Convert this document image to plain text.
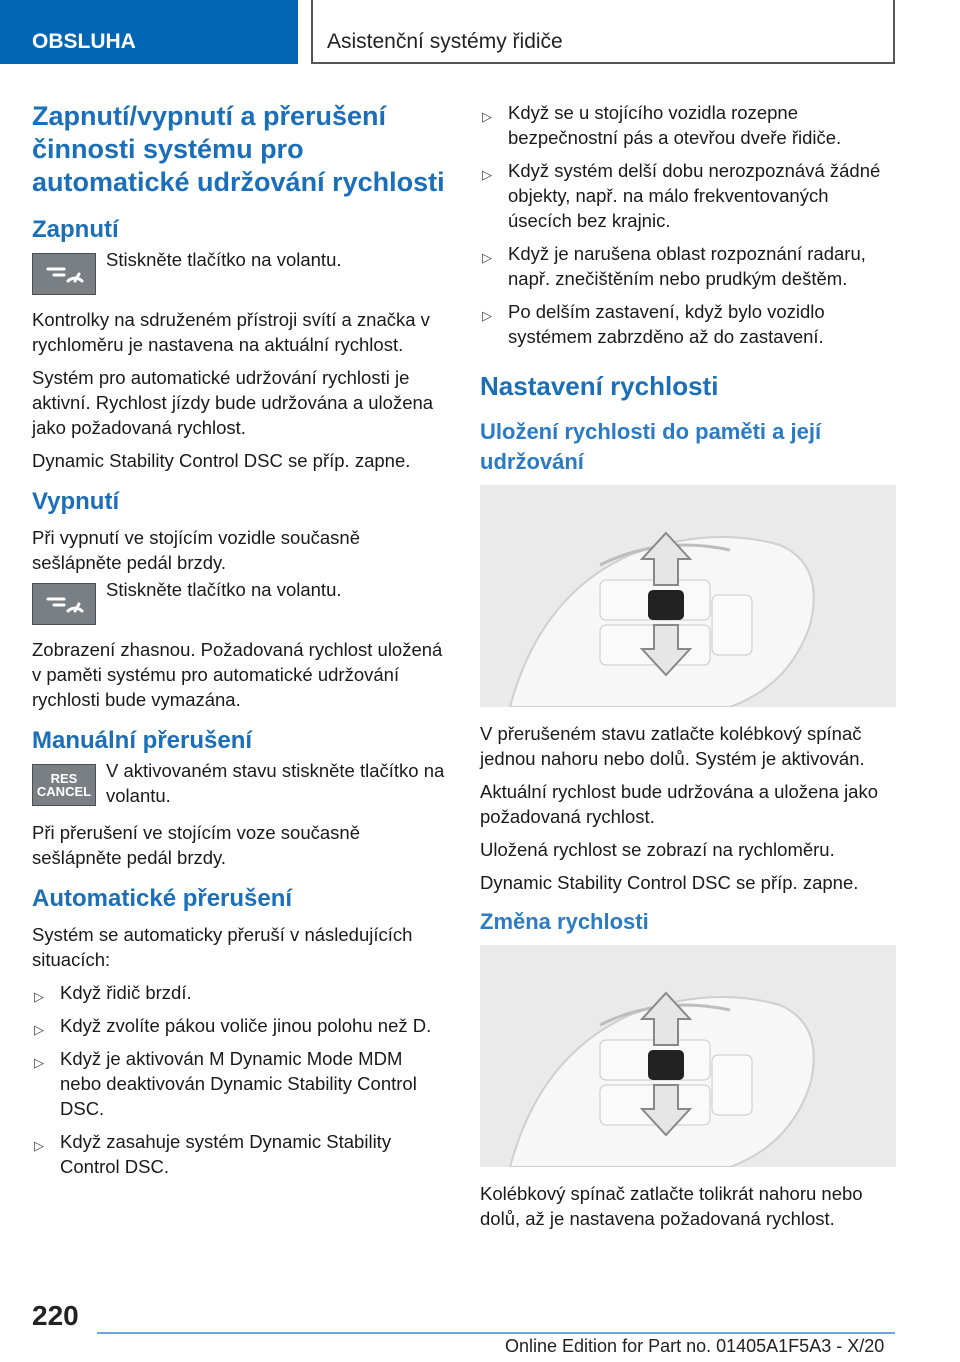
OBSLUHA	Asistenční systémy řidiče
Zapnutí/vypnutí a přerušení činnosti systému pro automatické udržování rychlosti
Zapnutí
Stiskněte tlačítko na volantu.

Kontrolky na sdruženém přístroji svítí a značka v rychloměru je nastavena na aktuální rychlost.

Systém pro automatické udržování rychlosti je aktivní. Rychlost jízdy bude udržována a uložena jako požadovaná rychlost.

Dynamic Stability Control DSC se příp. zapne.

Vypnutí

Při vypnutí ve stojícím vozidle současně sešlápněte pedál brzdy.

Stiskněte tlačítko na volantu.

Zobrazení zhasnou. Požadovaná rychlost uložená v paměti systému pro automatické udržování rychlosti bude vymazána.

Manuální přerušení
RES
CANCEL
V aktivovaném stavu stiskněte tlačítko na volantu.

Při přerušení ve stojícím voze současně sešlápněte pedál brzdy.

Automatické přerušení

Systém se automaticky přeruší v následujících situacích:

▷ Když řidič brzdí.
▷ Když zvolíte pákou voliče jinou polohu než D.
▷ Když je aktivován M Dynamic Mode MDM nebo deaktivován Dynamic Stability Control DSC.
▷ Když zasahuje systém Dynamic Stability Control DSC.
▷ Když se u stojícího vozidla rozepne bezpečnostní pás a otevřou dveře řidiče.
▷ Když systém delší dobu nerozpoznává žádné objekty, např. na málo frekventovaných úsecích bez krajnic.
▷ Když je narušena oblast rozpoznání radaru, např. znečištěním nebo prudkým deštěm.
▷ Po delším zastavení, když bylo vozidlo systémem zabrzděno až do zastavení.
Nastavení rychlosti
Uložení rychlosti do paměti a její udržování

V přerušeném stavu zatlačte kolébkový spínač jednou nahoru nebo dolů. Systém je aktivován.

Aktuální rychlost bude udržována a uložena jako požadovaná rychlost.

Uložená rychlost se zobrazí na rychloměru.

Dynamic Stability Control DSC se příp. zapne.

Změna rychlosti

Kolébkový spínač zatlačte tolikrát nahoru nebo dolů, až je nastavena požadovaná rychlost.

220
Online Edition for Part no. 01405A1F5A3 - X/20
